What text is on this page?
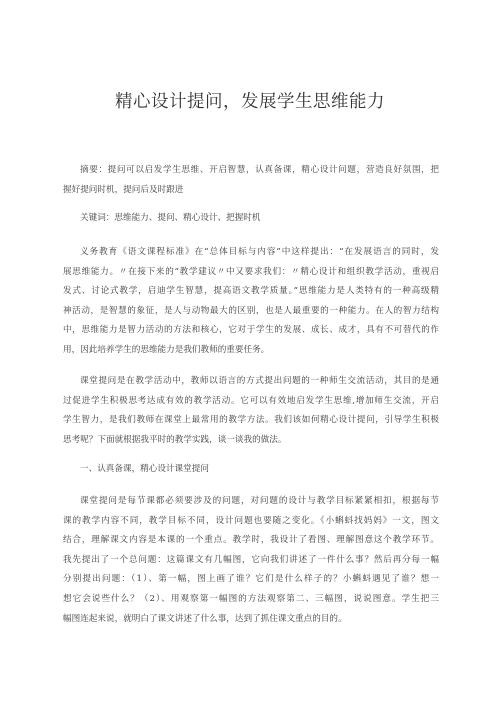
精心设计提问，发展学生思维能力
摘要：提问可以启发学生思维、开启智慧，认真备课，精心设计问题，营造良好氛围，把
握好提问时机，提问后及时跟进
关键词：思维能力、提问、精心设计、把握时机
义务教育《语文课程标准》在“总体目标与内容”中这样提出：“在发展语言的同时，发
展思维能力。〃在接下来的“教学建议〃中又要求我们：〃精心设计和组织教学活动，重视启
发式、讨论式教学，启迪学生智慧，提高语文教学质量。”思维能力是人类特有的一种高级精
神活动，是智慧的象征，是人与动物最大的区别，也是人最重要的一种能力。在人的智力结构
中，思维能力是智力活动的方法和核心，它对于学生的发展、成长、成才，具有不可替代的作
用，因此培养学生的思维能力是我们教师的重要任务。
课堂提问是在教学活动中，教师以语言的方式提出问题的一种师生交流活动，其目的是通
过促进学生积极思考达成有效的教学活动。它可以有效地启发学生思维,增加师生交流，开启
学生智力，是我们教师在课堂上最常用的教学方法。我们该如何精心设计提问，引导学生积极
思考呢？下面就根据我平时的教学实践，谈一谈我的做法。
一、认真备课，精心设计课堂提问
课堂提问是每节课都必须要涉及的问题，对问题的设计与教学目标紧紧相扣，根据每节
课的教学内容不同，教学目标不同，设计问题也要随之变化。《小蝌蚪找妈妈》一文，图文
结合，理解课文内容是本课的一个重点。教学时，我设计了看图、理解图意这个教学环节。
我先提出了一个总问题：这篇课文有几幅图，它向我们讲述了一件什么事？然后再分每一幅
分别提出问题：（1）、第一幅，图上画了谁？它们是什么样子的？小蝌蚪遇见了谁？想一
想它会说些什么？（2）、用观察第一幅图的方法观察第二、三幅图，说说图意。学生把三
幅图连起来说，就明白了课文讲述了什么事，达到了抓住课文重点的目的。
